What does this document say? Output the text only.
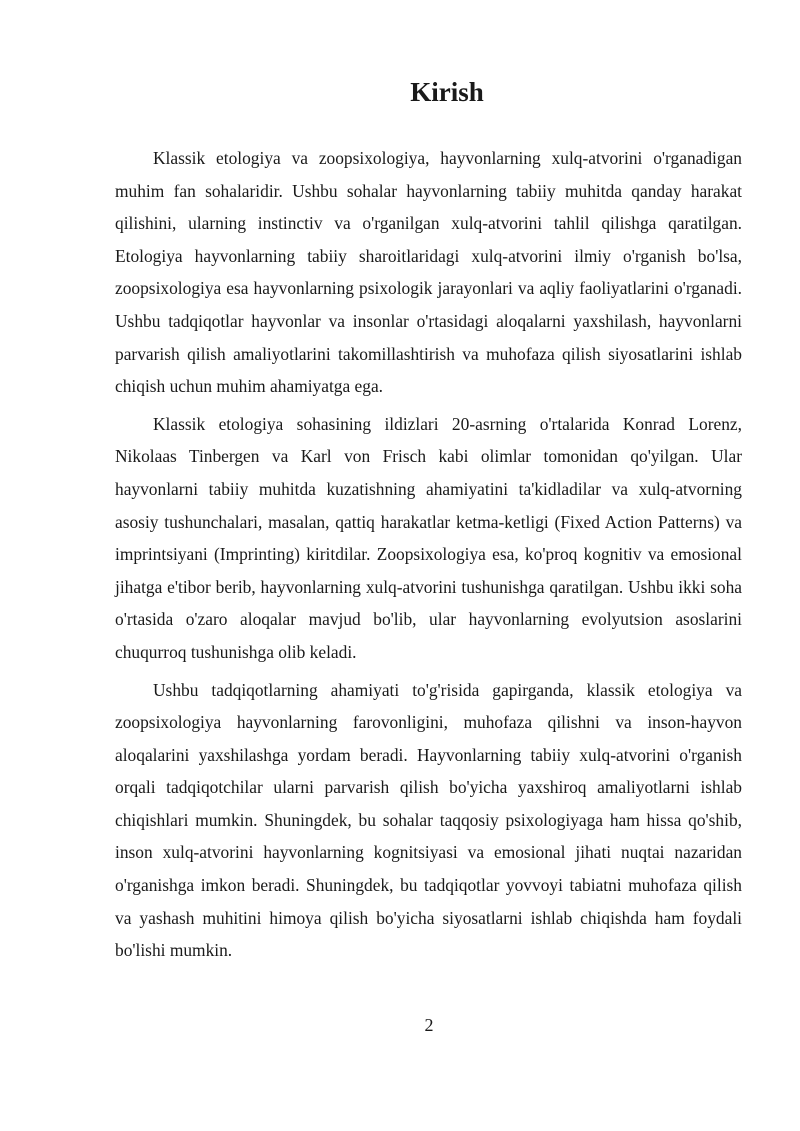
Kirish

Klassik etologiya va zoopsixologiya, hayvonlarning xulq-atvorini o'rganadigan muhim fan sohalaridir. Ushbu sohalar hayvonlarning tabiiy muhitda qanday harakat qilishini, ularning instinctiv va o'rganilgan xulq-atvorini tahlil qilishga qaratilgan. Etologiya hayvonlarning tabiiy sharoitlaridagi xulq-atvorini ilmiy o'rganish bo'lsa, zoopsixologiya esa hayvonlarning psixologik jarayonlari va aqliy faoliyatlarini o'rganadi. Ushbu tadqiqotlar hayvonlar va insonlar o'rtasidagi aloqalarni yaxshilash, hayvonlarni parvarish qilish amaliyotlarini takomillashtirish va muhofaza qilish siyosatlarini ishlab chiqish uchun muhim ahamiyatga ega.

Klassik etologiya sohasining ildizlari 20-asrning o'rtalarida Konrad Lorenz, Nikolaas Tinbergen va Karl von Frisch kabi olimlar tomonidan qo'yilgan. Ular hayvonlarni tabiiy muhitda kuzatishning ahamiyatini ta'kidladilar va xulq-atvorning asosiy tushunchalari, masalan, qattiq harakatlar ketma-ketligi (Fixed Action Patterns) va imprintsiyani (Imprinting) kiritdilar. Zoopsixologiya esa, ko'proq kognitiv va emosional jihatga e'tibor berib, hayvonlarning xulq-atvorini tushunishga qaratilgan. Ushbu ikki soha o'rtasida o'zaro aloqalar mavjud bo'lib, ular hayvonlarning evolyutsion asoslarini chuqurroq tushunishga olib keladi.

Ushbu tadqiqotlarning ahamiyati to'g'risida gapirganda, klassik etologiya va zoopsixologiya hayvonlarning farovonligini, muhofaza qilishni va inson-hayvon aloqalarini yaxshilashga yordam beradi. Hayvonlarning tabiiy xulq-atvorini o'rganish orqali tadqiqotchilar ularni parvarish qilish bo'yicha yaxshiroq amaliyotlarni ishlab chiqishlari mumkin. Shuningdek, bu sohalar taqqosiy psixologiyaga ham hissa qo'shib, inson xulq-atvorini hayvonlarning kognitsiyasi va emosional jihati nuqtai nazaridan o'rganishga imkon beradi. Shuningdek, bu tadqiqotlar yovvoyi tabiatni muhofaza qilish va yashash muhitini himoya qilish bo'yicha siyosatlarni ishlab chiqishda ham foydali bo'lishi mumkin.

2
